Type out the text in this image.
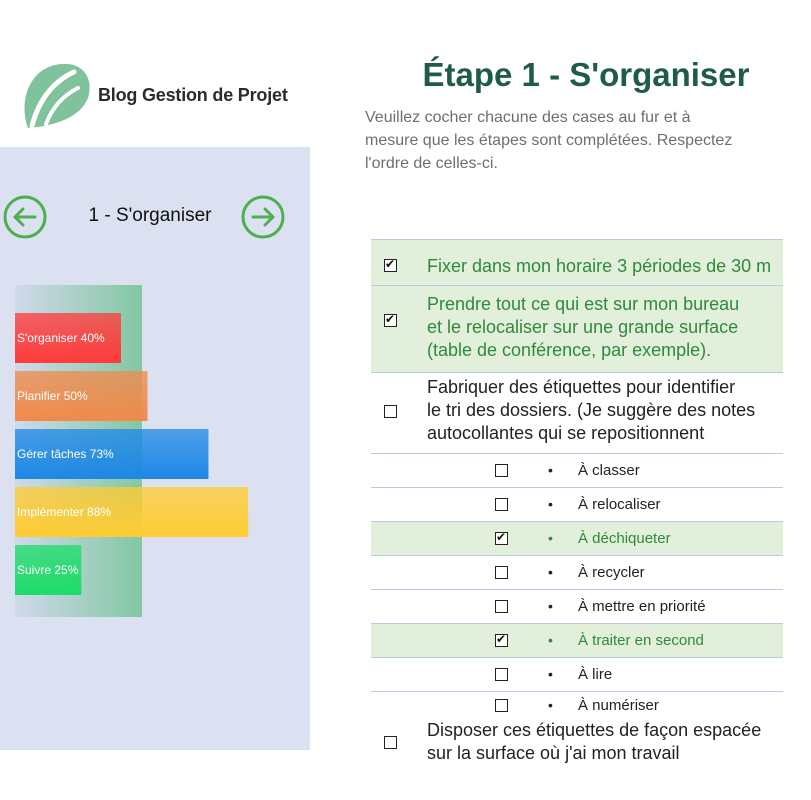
Blog Gestion de Projet
S'organiser 40%
Planifier 50%
Gérer tâches 73%
Implémenter 88%
Suivre 25%
1 - S'organiser
Étape 1 - S'organiser
Veuillez cocher chacune des cases au fur et à
mesure que les étapes sont complétées. Respectez
l'ordre de celles-ci.
✔
Fixer dans mon horaire 3 périodes de 30 m
✔
Prendre tout ce qui est sur mon bureau
et le relocaliser sur une grande surface
(table de conférence, par exemple).
Fabriquer des étiquettes pour identifier
le tri des dossiers. (Je suggère des notes
autocollantes qui se repositionnent
• À classer
• À relocaliser
✔
• À déchiqueter
• À recycler
• À mettre en priorité
✔
• À traiter en second
• À lire
• À numériser
Disposer ces étiquettes de façon espacée
sur la surface où j'ai mon travail
